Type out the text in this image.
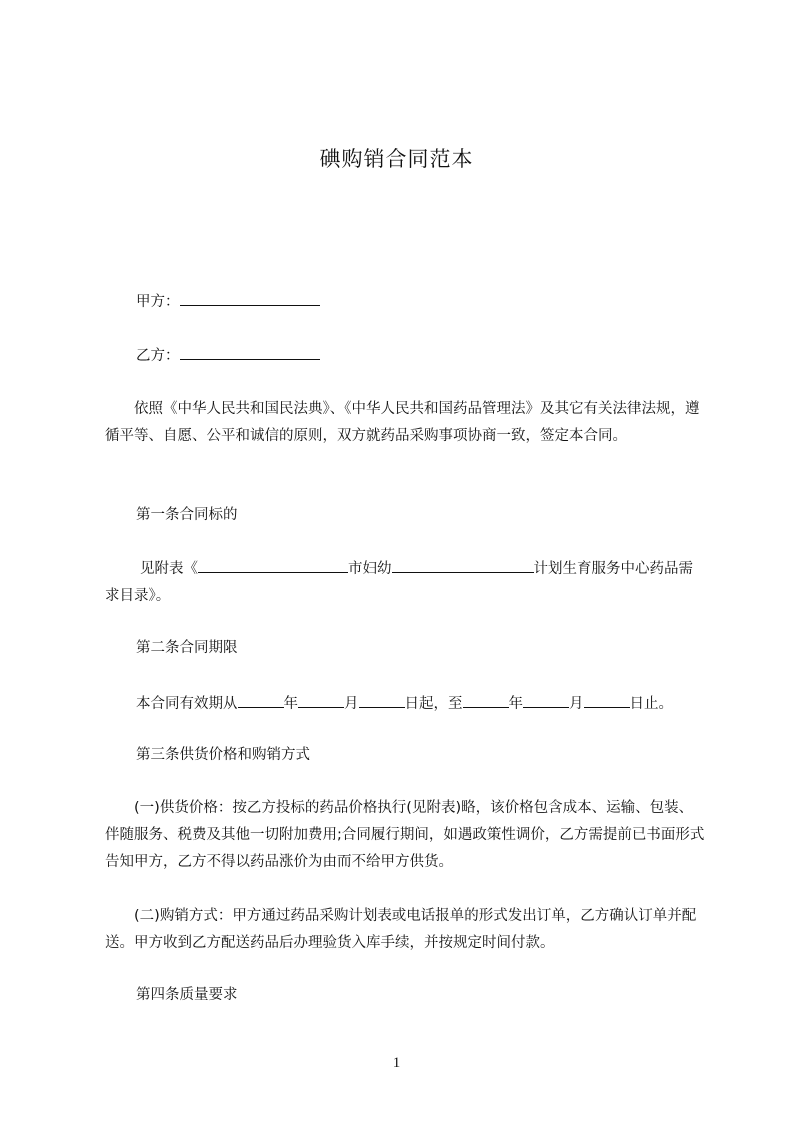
碘购销合同范本
甲方：
乙方：
依照《中华人民共和国民法典》、《中华人民共和国药品管理法》及其它有关法律法规，遵循平等、自愿、公平和诚信的原则，双方就药品采购事项协商一致，签定本合同。
第一条合同标的
见附表《	市妇幼	计划生育服务中心药品需求目录》。
第二条合同期限
本合同有效期从	年	月	日起，至	年	月	日止。
第三条供货价格和购销方式
(一)供货价格：按乙方投标的药品价格执行(见附表)略，该价格包含成本、运输、包装、伴随服务、税费及其他一切附加费用;合同履行期间，如遇政策性调价，乙方需提前已书面形式告知甲方，乙方不得以药品涨价为由而不给甲方供货。
(二)购销方式：甲方通过药品采购计划表或电话报单的形式发出订单，乙方确认订单并配送。甲方收到乙方配送药品后办理验货入库手续，并按规定时间付款。
第四条质量要求
1
